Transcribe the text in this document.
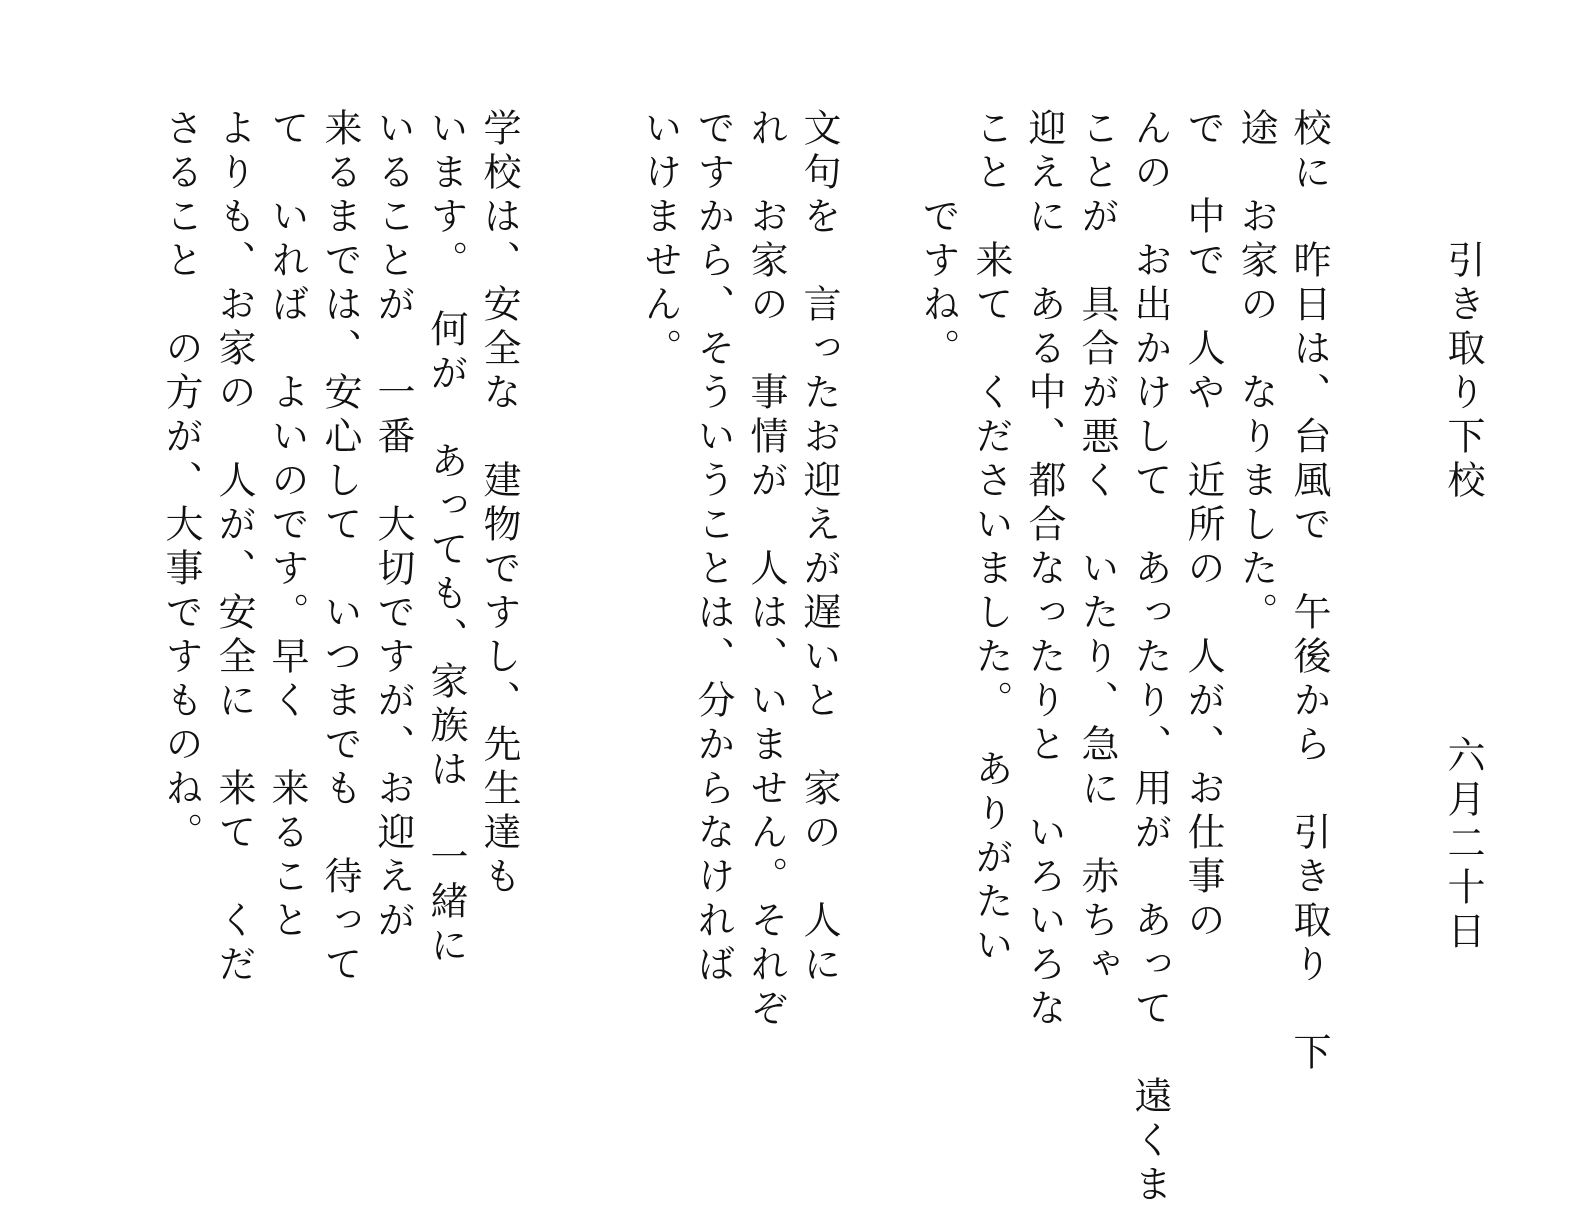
引き取り下校
六月二十日
校に　昨日は、台風で　午後から　引き取り　下
途　お家の　なりました。
で　中で　人や　近所の　人が、お仕事の
んの　お出かけして　あったり、用が　あって　遠くま
ことが　具合が悪く　いたり、急に　赤ちゃ
迎えに　ある中、都合なったりと　いろいろな
こと　来て　くださいました。　ありがたい
　　ですね。
文句を　言ったお迎えが遅いと　家の　人に
れ　お家の　事情が　人は、いません。それぞ
ですから、そういうことは、分からなければ
いけません。
学校は、安全な　建物ですし、先生達も
います。　何が　あっても、家族は　一緒に
いることが　一番　大切ですが、お迎えが
来るまでは、安心して　いつまでも　待って
て　いれば　よいのです。早く　来ること
よりも、お家の　人が、安全に　来て　くだ
さること　の方が、大事ですものね。
